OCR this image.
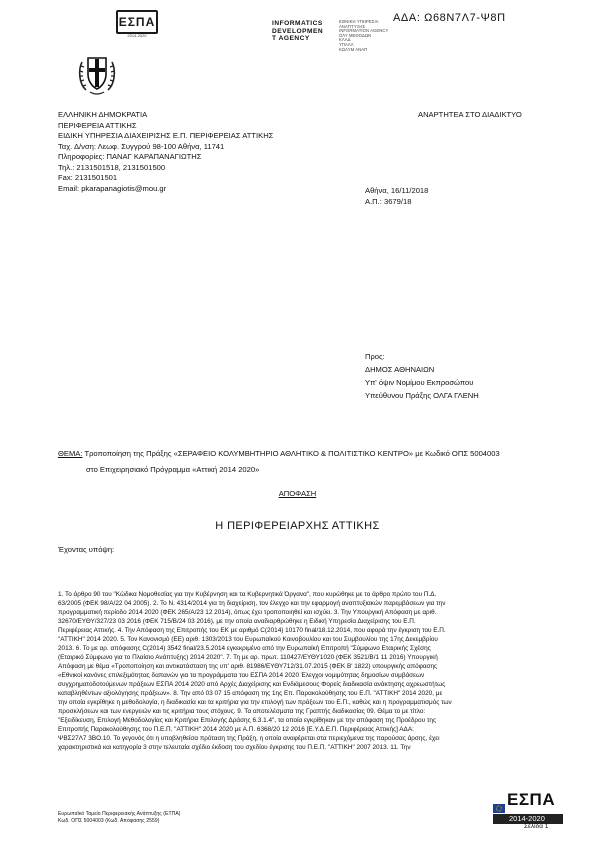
ΕΣΠΑ
2014-2020
INFORMATICS
DEVELOPMEN
T AGENCY
ΕΘΝΙΚΗ ΥΠΗΡΕΣΙΑ
ΑΝΑΠΤΥΞΗΣ
INFORMATION AGENCY
ΟΛΥ ΜΕΘΟΔΩΝ
ΚΛΑΔ
ΥΠΑΛΛ
ΚΩΛΥΜ ΑΝΑΠ
ΑΔΑ: Ω68Ν7Λ7-Ψ8Π
ΕΛΛΗΝΙΚΗ ΔΗΜΟΚΡΑΤΙΑ
ΠΕΡΙΦΕΡΕΙΑ ΑΤΤΙΚΗΣ
ΕΙΔΙΚΗ ΥΠΗΡΕΣΙΑ ΔΙΑΧΕΙΡΙΣΗΣ Ε.Π. ΠΕΡΙΦΕΡΕΙΑΣ ΑΤΤΙΚΗΣ
Ταχ. Δ/νση: Λεωφ. Συγγρού 98-100 Αθήνα, 11741
Πληροφορίες: ΠΑΝΑΓ ΚΑΡΑΠΑΝΑΓΙΩΤΗΣ
Τηλ.: 2131501518, 2131501500
Fax: 2131501501
Email: pkarapanagiotis@mou.gr
ΑΝΑΡΤΗΤΕΑ ΣΤΟ ΔΙΑΔΙΚΤΥΟ
Αθήνα, 16/11/2018
Α.Π.: 3679/18
Προς:
ΔΗΜΟΣ ΑΘΗΝΑΙΩΝ
Υπ' όψιν Νομίμου Εκπροσώπου
Υπεύθυνου Πράξης ΟΛΓΑ ΓΛΕΝΗ
ΘΕΜΑ: Τροποποίηση της Πράξης «ΣΕΡΑΦΕΙΟ ΚΟΛΥΜΒΗΤΗΡΙΟ ΑΘΛΗΤΙΚΟ & ΠΟΛΙΤΙΣΤΙΚΟ ΚΕΝΤΡΟ» με Κωδικό ΟΠΣ 5004003
στο Επιχειρησιακό Πρόγραμμα «Αττική 2014 2020»
ΑΠΟΦΑΣΗ
Η ΠΕΡΙΦΕΡΕΙΑΡΧΗΣ ΑΤΤΙΚΗΣ
Έχοντας υπόψη:
1. Το άρθρο 90 του "Κώδικα Νομοθεσίας για την Κυβέρνηση και τα Κυβερνητικά Όργανα", που κυρώθηκε με το άρθρο πρώτο του Π.Δ.
63/2005 (ΦΕΚ 98/Α/22 04 2005). 2. Το Ν. 4314/2014 για τη διαχείριση, τον έλεγχο και την εφαρμογή αναπτυξιακών παρεμβάσεων για την
προγραμματική περίοδο 2014 2020 (ΦΕΚ 265/Α/23 12 2014), όπως έχει τροποποιηθεί και ισχύει. 3. Την Υπουργική Απόφαση με αριθ.
32670/ΕΥΘΥ/327/23 03 2016 (ΦΕΚ 715/Β/24 03 2016), με την οποία αναδιαρθρώθηκε η Ειδική Υπηρεσία Διαχείρισης του Ε.Π.
Περιφέρειας Αττικής. 4. Την Απόφαση της Επιτροπής του ΕΚ με αριθμό C(2014) 10170 final/18.12.2014, που αφορά την έγκριση του Ε.Π.
"ΑΤΤΙΚΗ" 2014 2020. 5. Τον Κανονισμό (ΕΕ) αριθ. 1303/2013 του Ευρωπαϊκού Κοινοβουλίου και του Συμβουλίου της 17ης Δεκεμβρίου
2013. 6. Το με αρ. απόφασης C(2014) 3542 final/23.5.2014 εγκεκριμένο από την Ευρωπαϊκή Επιτροπή "Σύμφωνο Εταιρικής Σχέσης
(Εταιρικό Σύμφωνο για το Πλαίσιο Ανάπτυξης) 2014 2020". 7. Τη με αρ. πρωτ. 110427/ΕΥΘΥ1020 (ΦΕΚ 3521/Β/1 11 2016) Υπουργική
Απόφαση με θέμα «Τροποποίηση και αντικατάσταση της υπ' αριθ. 81986/ΕΥΘΥ712/31.07.2015 (ΦΕΚ Β' 1822) υπουργικής απόφασης
«Εθνικοί κανόνες επιλεξιμότητας δαπανών για τα προγράμματα του ΕΣΠΑ 2014 2020 Έλεγχοι νομιμότητας δημοσίων συμβάσεων
συγχρηματοδοτούμενων πράξεων ΕΣΠΑ 2014 2020 από Αρχές Διαχείρισης και Ενδιάμεσους Φορείς διαδικασία ανάκτησης αχρεωστήτως
καταβληθέντων αξιολόγησης πράξεων». 8. Την από 03 07 15 απόφαση της 1ης Επ. Παρακολούθησης του Ε.Π. "ΑΤΤΙΚΗ" 2014 2020, με
την οποία εγκρίθηκε η μεθοδολογία, η διαδικασία και τα κριτήρια για την επιλογή των πράξεων του Ε.Π., καθώς και η προγραμματισμός των
προσκλήσεων και των ενεργειών και τις κριτήρια τους στόχους. 9. Τα αποτελέσματα της Γραπτής διαδικασίας 09. Θέμα το με τίτλο:
"Εξειδίκευση, Επιλογή Μεθοδολογίας και Κριτήρια Επιλογής Δράσης 6.3.1.4", τα οποία εγκρίθηκαν με την απόφαση της Προέδρου της
Επιτροπής Παρακολούθησης του Π.Ε.Π. "ΑΤΤΙΚΗ" 2014 2020 με Α.Π. 6368/20 12 2016 [Ε.Υ.Δ.Ε.Π. Περιφέρειας Αττικής] ΑΔΑ:
ΨΒΣ27Λ7 3ΒΟ.10. Το γεγονός ότι η υποβληθείσα πρόταση της Πράξη, η οποία αναφέρεται στα περιεχόμενα της παρούσας άρσης, έχει
χαρακτηριστικά και κατηγορία 3 στην τελευταία σχέδιο έκδοση του σχεδίου έγκρισης του Π.Ε.Π. "ΑΤΤΙΚΗ" 2007 2013. 11. Την
ΕΣΠΑ
2014-2020
Ευρωπαϊκό Ταμείο Περιφερειακής Ανάπτυξης (ΕΤΠΑ)
Κωδ. ΟΠΣ 5004003 (Κωδ. Απόφασης 2559)
Σελίδα 1
